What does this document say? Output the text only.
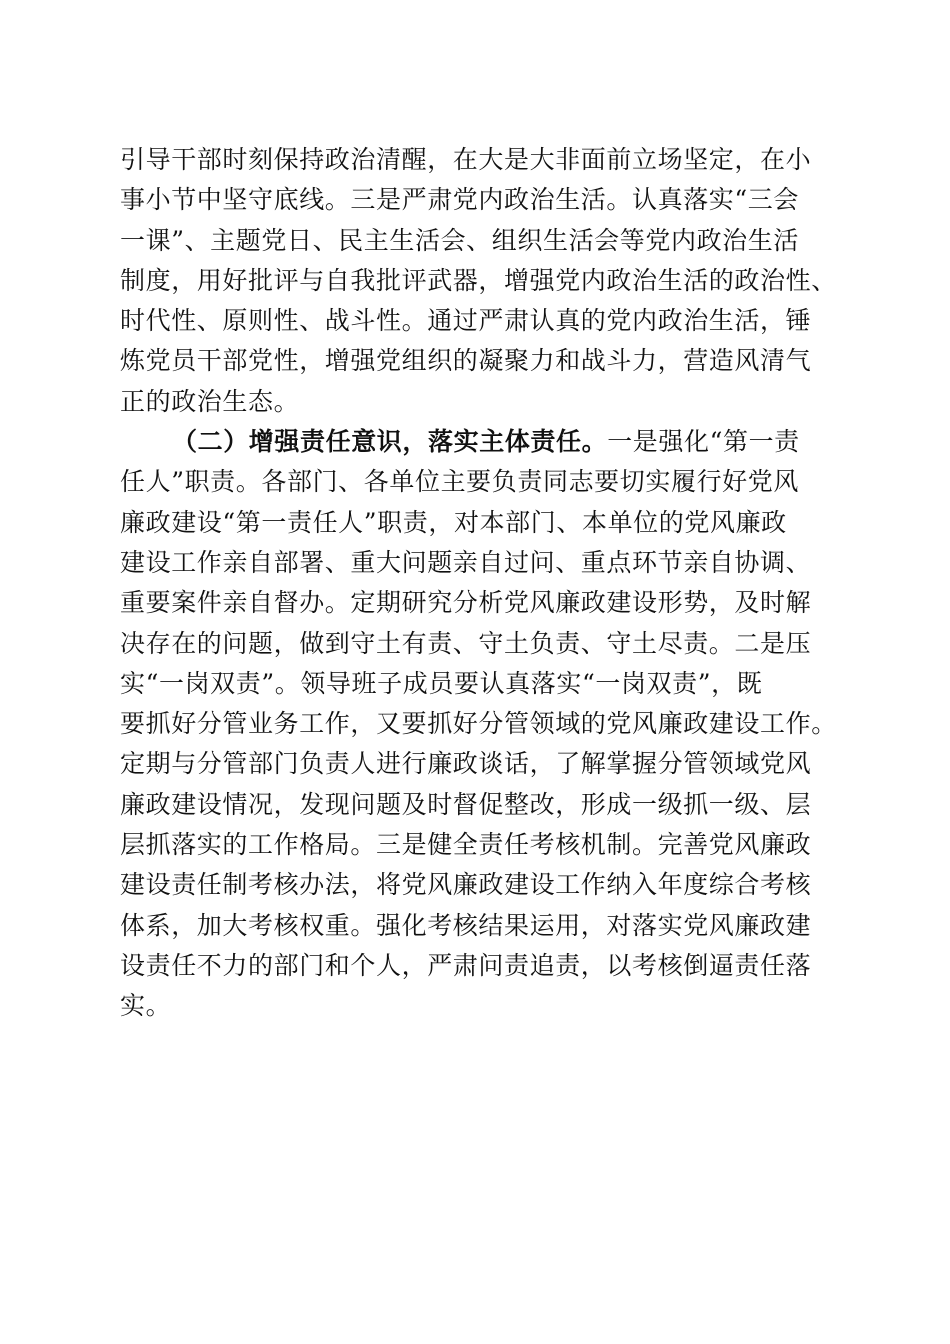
引导干部时刻保持政治清醒，在大是大非面前立场坚定，在小
事小节中坚守底线。三是严肃党内政治生活。认真落实“三会
一课”、主题党日、民主生活会、组织生活会等党内政治生活
制度，用好批评与自我批评武器，增强党内政治生活的政治性、
时代性、原则性、战斗性。通过严肃认真的党内政治生活，锤
炼党员干部党性，增强党组织的凝聚力和战斗力，营造风清气
正的政治生态。
（二）增强责任意识，落实主体责任。一是强化“第一责
任人”职责。各部门、各单位主要负责同志要切实履行好党风
廉政建设“第一责任人”职责，对本部门、本单位的党风廉政
建设工作亲自部署、重大问题亲自过问、重点环节亲自协调、
重要案件亲自督办。定期研究分析党风廉政建设形势，及时解
决存在的问题，做到守土有责、守土负责、守土尽责。二是压
实“一岗双责”。领导班子成员要认真落实“一岗双责”，既
要抓好分管业务工作，又要抓好分管领域的党风廉政建设工作。
定期与分管部门负责人进行廉政谈话，了解掌握分管领域党风
廉政建设情况，发现问题及时督促整改，形成一级抓一级、层
层抓落实的工作格局。三是健全责任考核机制。完善党风廉政
建设责任制考核办法，将党风廉政建设工作纳入年度综合考核
体系，加大考核权重。强化考核结果运用，对落实党风廉政建
设责任不力的部门和个人，严肃问责追责，以考核倒逼责任落
实。
